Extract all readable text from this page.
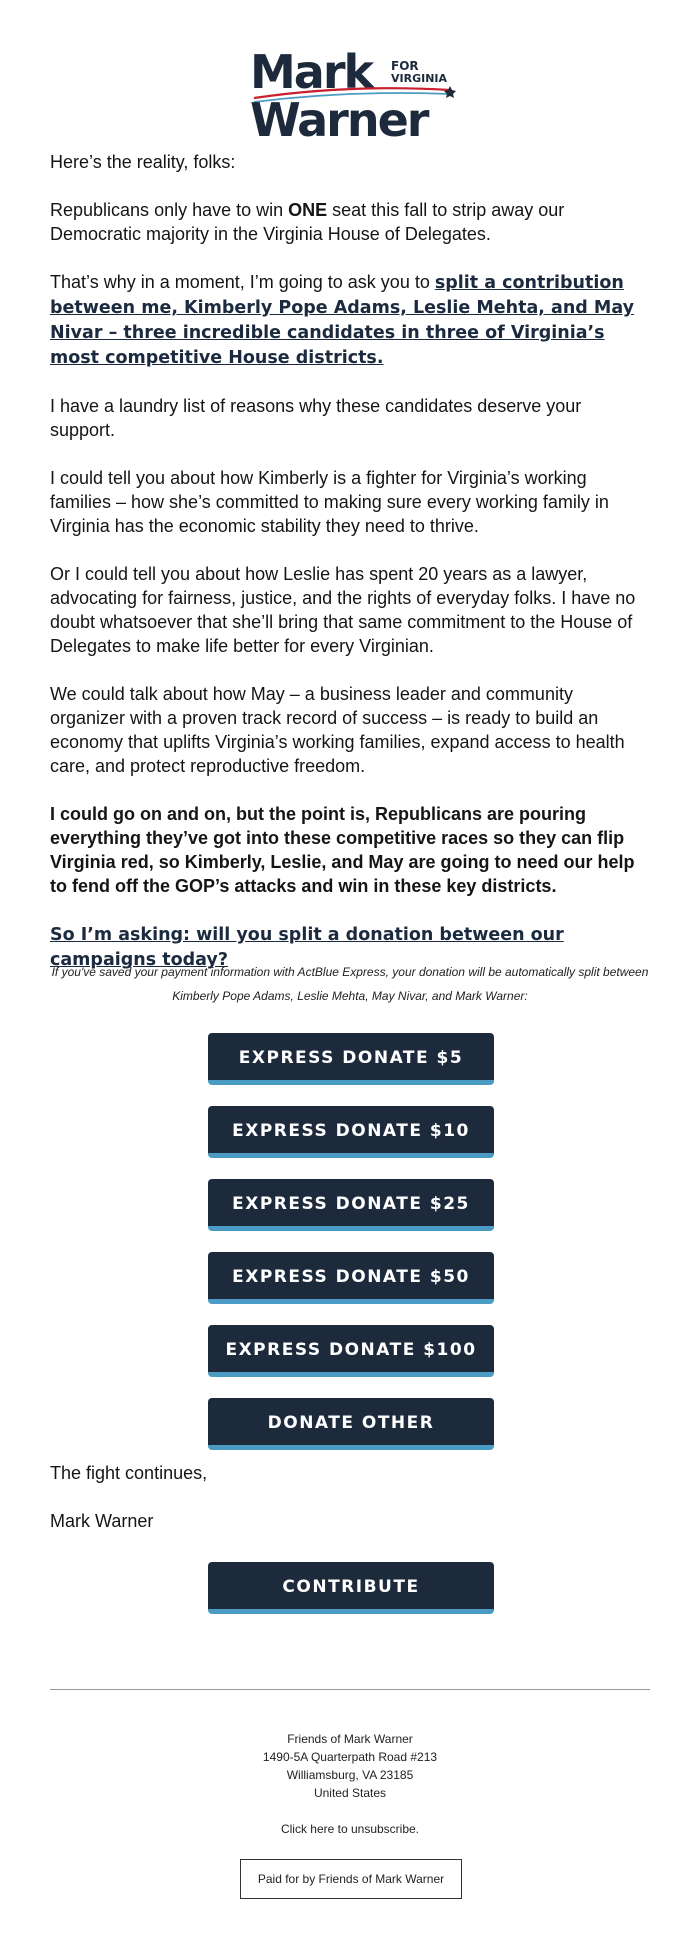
Mark FOR
VIRGINIA
Warner

Here’s the reality, folks:

Republicans only have to win ONE seat this fall to strip away our Democratic majority in the Virginia House of Delegates.

That’s why in a moment, I’m going to ask you to split a contribution between me, Kimberly Pope Adams, Leslie Mehta, and May Nivar – three incredible candidates in three of Virginia’s most competitive House districts.

I have a laundry list of reasons why these candidates deserve your support.

I could tell you about how Kimberly is a fighter for Virginia’s working families – how she’s committed to making sure every working family in Virginia has the economic stability they need to thrive.

Or I could tell you about how Leslie has spent 20 years as a lawyer, advocating for fairness, justice, and the rights of everyday folks. I have no doubt whatsoever that she’ll bring that same commitment to the House of Delegates to make life better for every Virginian.

We could talk about how May – a business leader and community organizer with a proven track record of success – is ready to build an economy that uplifts Virginia’s working families, expand access to health care, and protect reproductive freedom.

I could go on and on, but the point is, Republicans are pouring everything they’ve got into these competitive races so they can flip Virginia red, so Kimberly, Leslie, and May are going to need our help to fend off the GOP’s attacks and win in these key districts.

So I’m asking: will you split a donation between our campaigns today?

If you've saved your payment information with ActBlue Express, your donation will be automatically split between Kimberly Pope Adams, Leslie Mehta, May Nivar, and Mark Warner:
EXPRESS DONATE $5
EXPRESS DONATE $10
EXPRESS DONATE $25
EXPRESS DONATE $50
EXPRESS DONATE $100
DONATE OTHER
The fight continues,
Mark Warner
CONTRIBUTE
Friends of Mark Warner
1490-5A Quarterpath Road #213
Williamsburg, VA 23185
United States
Click here to unsubscribe.
Paid for by Friends of Mark Warner
